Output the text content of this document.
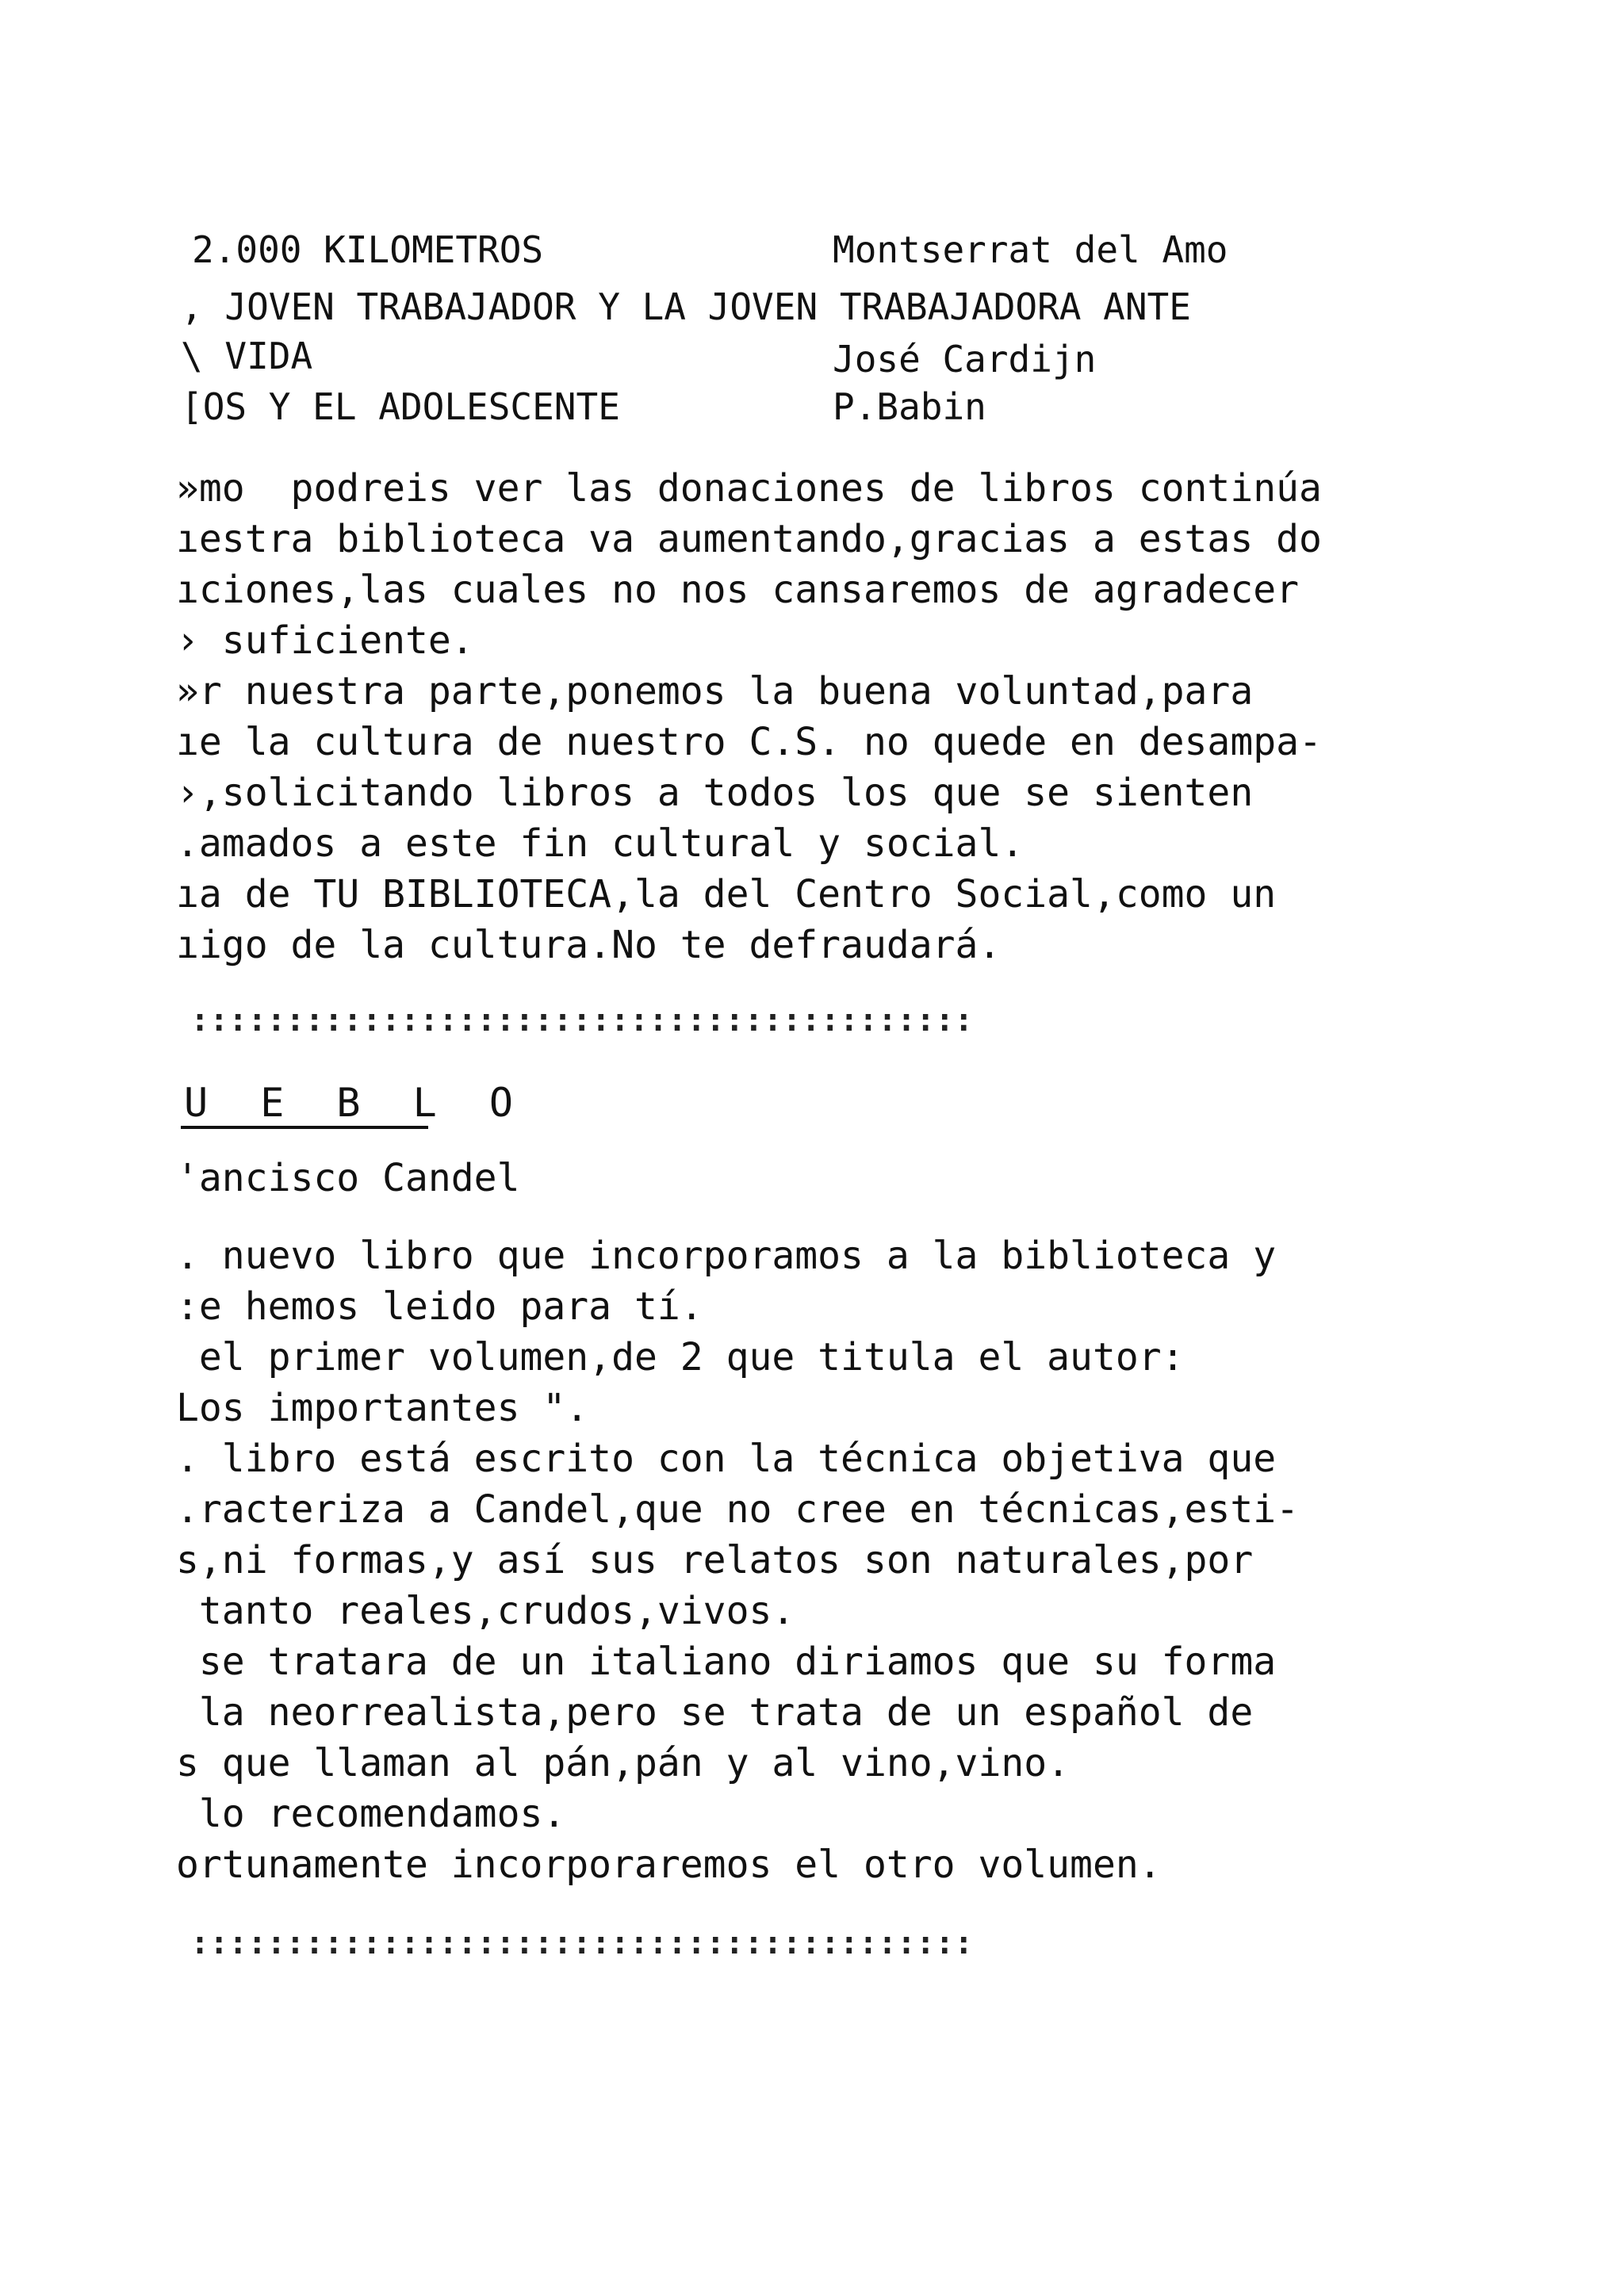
2.000 KILOMETROS	Montserrat del Amo
, JOVEN TRABAJADOR Y LA JOVEN TRABAJADORA ANTE
\ VIDA	José Cardijn
[OS Y EL ADOLESCENTE	P.Babin
»mo  podreis ver las donaciones de libros continúa
ıestra biblioteca va aumentando,gracias a estas do
ıciones,las cuales no nos cansaremos de agradecer
› suficiente.
»r nuestra parte,ponemos la buena voluntad,para
ıe la cultura de nuestro C.S. no quede en desampa-
›,solicitando libros a todos los que se sienten
.amados a este fin cultural y social.
ıa de TU BIBLIOTECA,la del Centro Social,como un
ıigo de la cultura.No te defraudará.
:::::::::::::::::::::::::::::::::::::::::
U E B L O
'ancisco Candel
. nuevo libro que incorporamos a la biblioteca y
:e hemos leido para tí.
el primer volumen,de 2 que titula el autor:
Los importantes ".
. libro está escrito con la técnica objetiva que
.racteriza a Candel,que no cree en técnicas,esti-
s,ni formas,y así sus relatos son naturales,por
tanto reales,crudos,vivos.
se tratara de un italiano diriamos que su forma
la neorrealista,pero se trata de un español de
s que llaman al pán,pán y al vino,vino.
lo recomendamos.
ortunamente incorporaremos el otro volumen.
:::::::::::::::::::::::::::::::::::::::::
